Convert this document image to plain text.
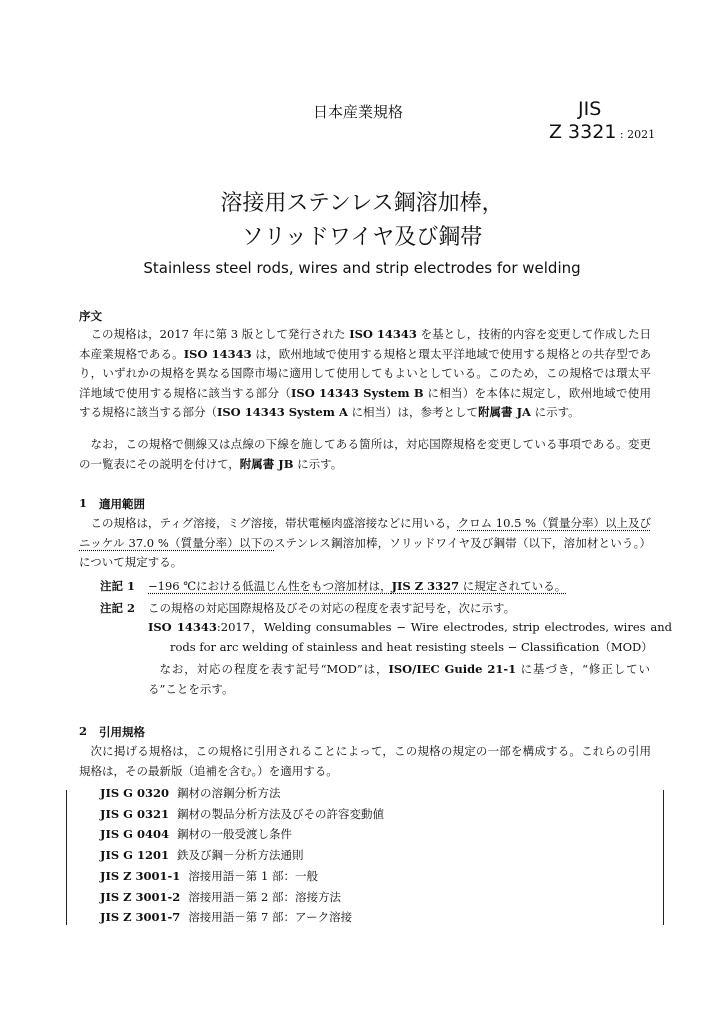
日本産業規格	JIS
Z 3321 : 2021
溶接用ステンレス鋼溶加棒，
ソリッドワイヤ及び鋼帯
Stainless steel rods, wires and strip electrodes for welding
序文

この規格は，2017 年に第 3 版として発行された ISO 14343 を基とし，技術的内容を変更して作成した日本産業規格である。ISO 14343 は，欧州地域で使用する規格と環太平洋地域で使用する規格との共存型であり，いずれかの規格を異なる国際市場に適用して使用してもよいとしている。このため，この規格では環太平洋地域で使用する規格に該当する部分（ISO 14343 System B に相当）を本体に規定し，欧州地域で使用する規格に該当する部分（ISO 14343 System A に相当）は，参考として附属書 JA に示す。

なお，この規格で側線又は点線の下線を施してある箇所は，対応国際規格を変更している事項である。変更の一覧表にその説明を付けて，附属書 JB に示す。

1 適用範囲

この規格は，ティグ溶接，ミグ溶接，帯状電極肉盛溶接などに用いる，クロム 10.5 %（質量分率）以上及びニッケル 37.0 %（質量分率）以下のステンレス鋼溶加棒，ソリッドワイヤ及び鋼帯（以下，溶加材という。）について規定する。

注記 1 −196 ℃における低温じん性をもつ溶加材は，JIS Z 3327 に規定されている。
注記 2 この規格の対応国際規格及びその対応の程度を表す記号を，次に示す。

ISO 14343:2017，Welding consumables − Wire electrodes, strip electrodes, wires and rods for arc welding of stainless and heat resisting steels − Classification（MOD）

なお，対応の程度を表す記号“MOD”は，ISO/IEC Guide 21-1 に基づき，“修正している”ことを示す。

2 引用規格

次に掲げる規格は，この規格に引用されることによって，この規格の規定の一部を構成する。これらの引用規格は，その最新版（追補を含む。）を適用する。

JIS G 0320 鋼材の溶鋼分析方法
JIS G 0321 鋼材の製品分析方法及びその許容変動値
JIS G 0404 鋼材の一般受渡し条件
JIS G 1201 鉄及び鋼－分析方法通則
JIS Z 3001-1 溶接用語－第 1 部：一般
JIS Z 3001-2 溶接用語－第 2 部：溶接方法
JIS Z 3001-7 溶接用語－第 7 部：アーク溶接
